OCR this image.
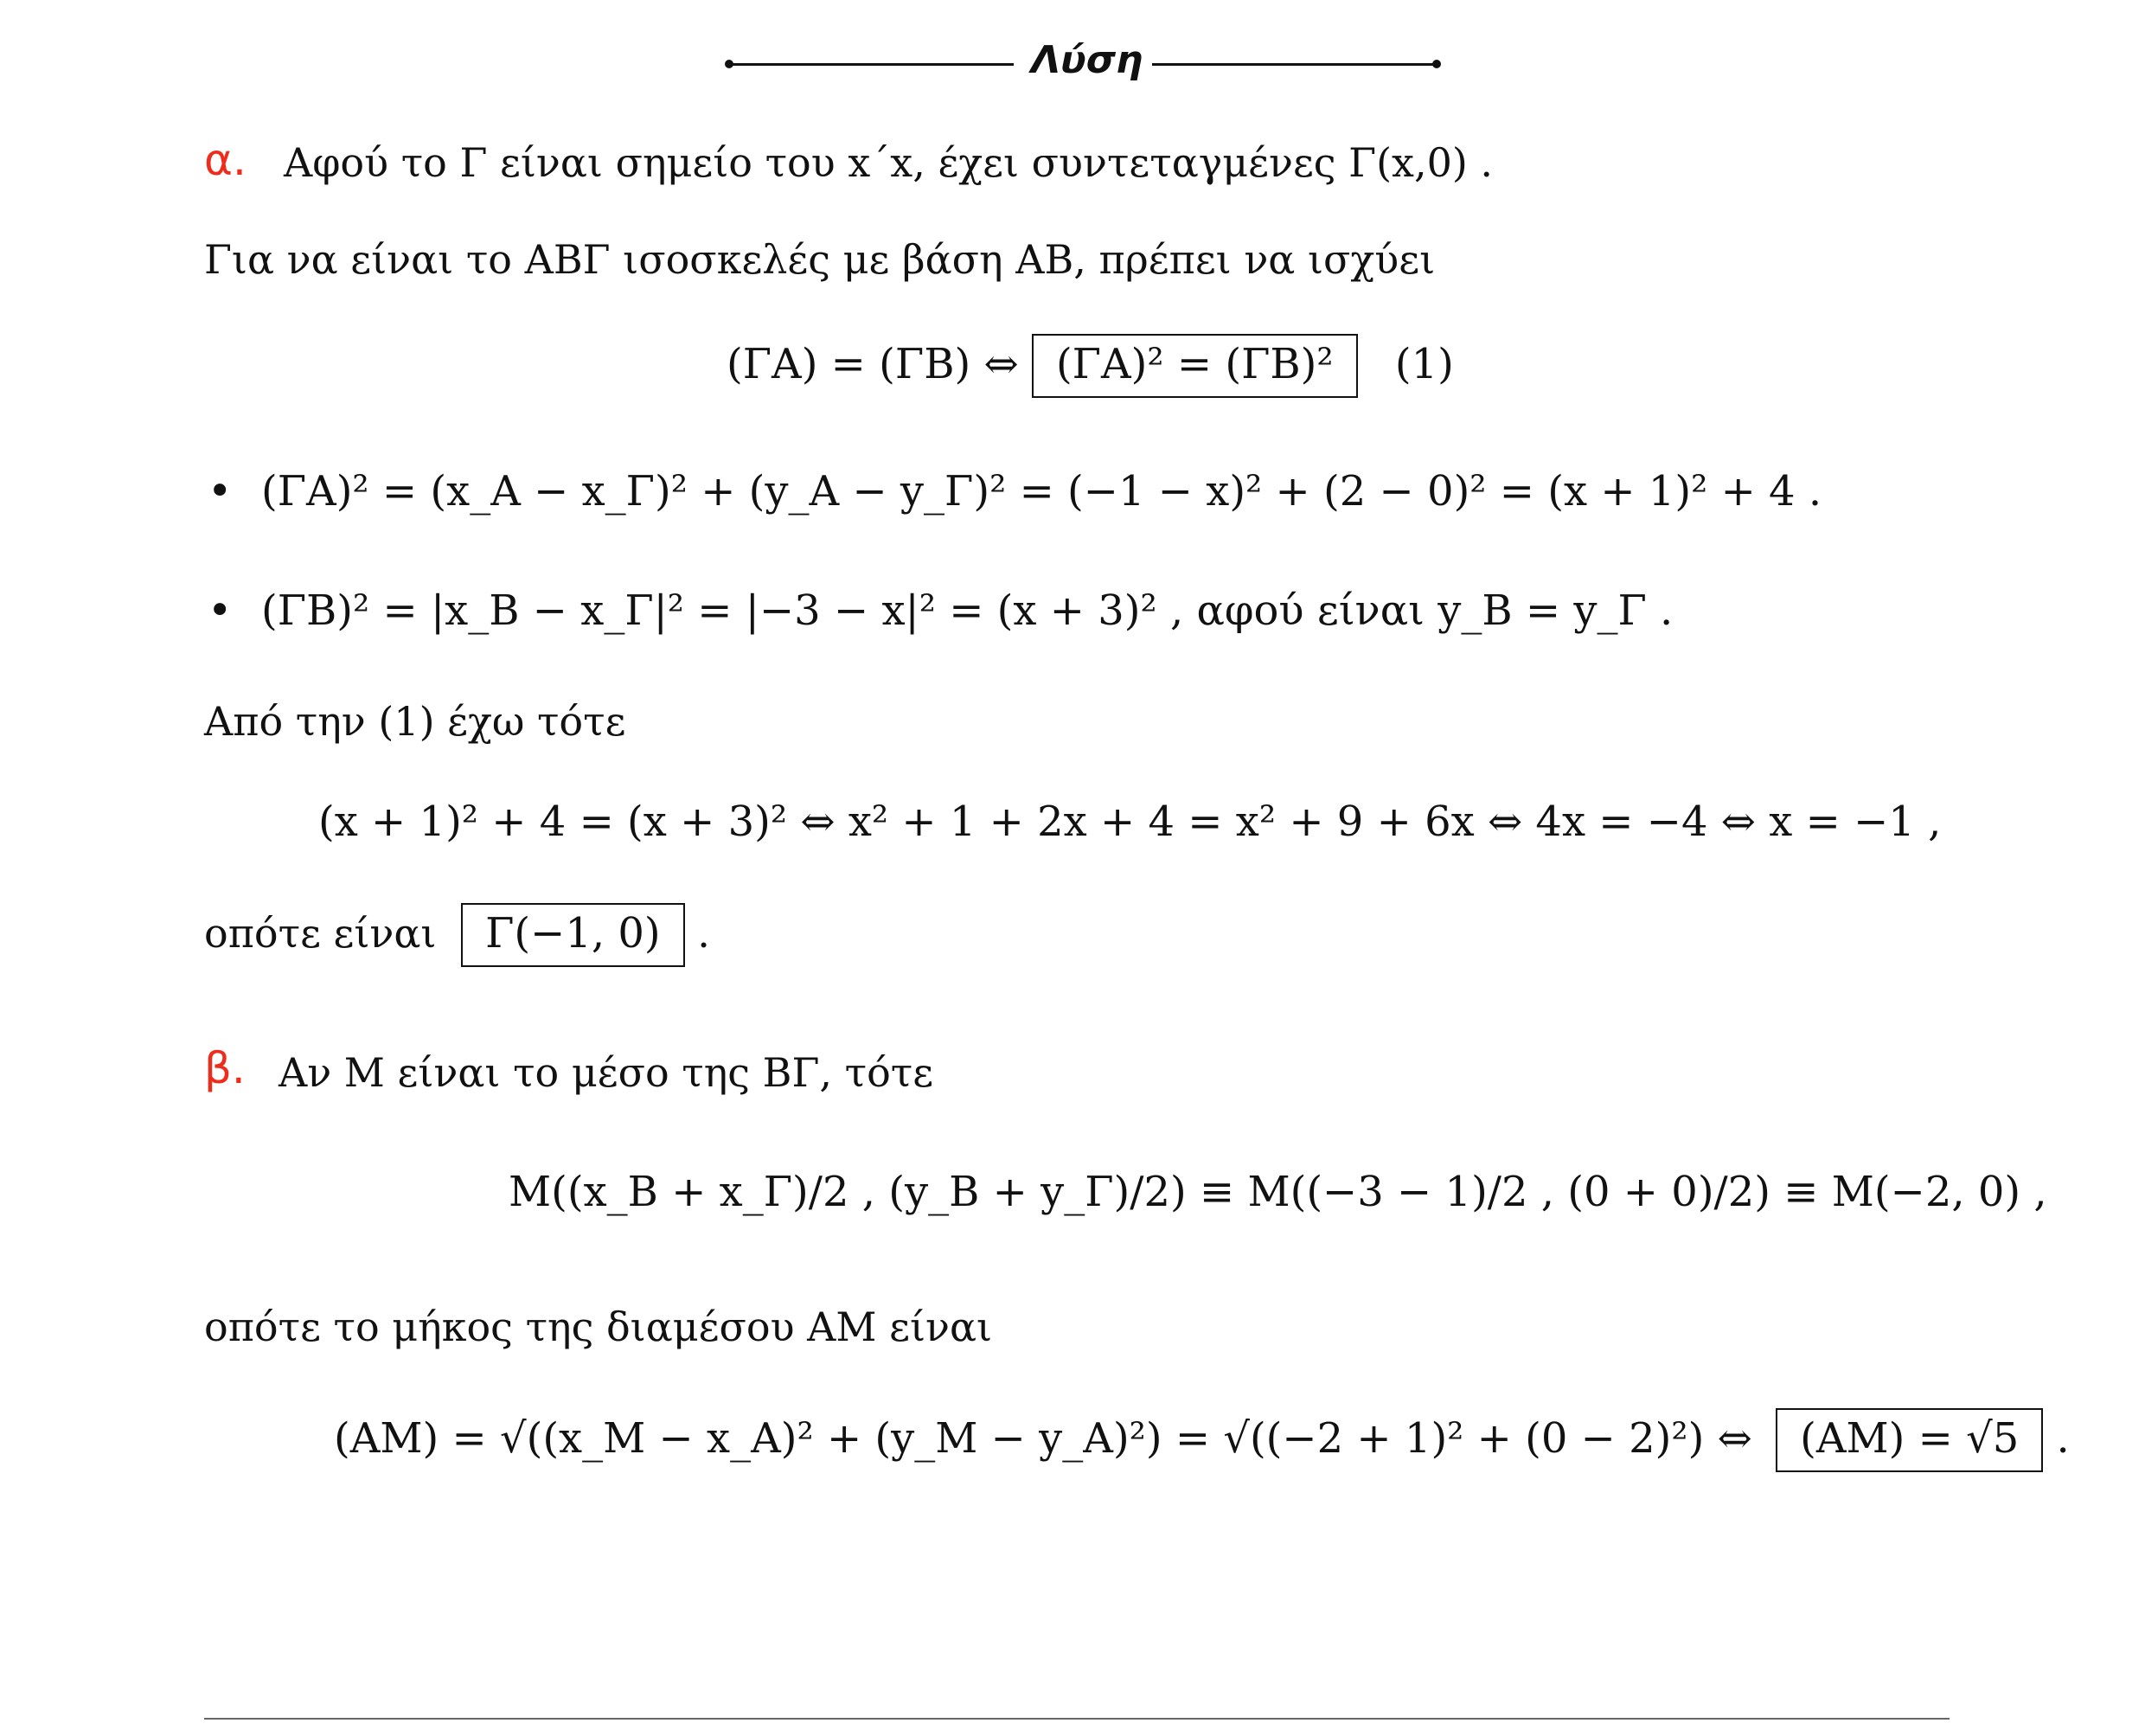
Λύση
α. Αφού το Γ είναι σημείο του x΄x, έχει συντεταγμένες Γ(x,0) .
Για να είναι το ΑΒΓ ισοσκελές με βάση ΑΒ, πρέπει να ισχύει
(ΓΑ) = (ΓΒ) ⇔ (ΓΑ)² = (ΓΒ)² (1)
• (ΓΑ)² = (x_Α − x_Γ)² + (y_Α − y_Γ)² = (−1 − x)² + (2 − 0)² = (x + 1)² + 4 .
• (ΓΒ)² = |x_Β − x_Γ|² = |−3 − x|² = (x + 3)² , αφού είναι y_Β = y_Γ .
Από την (1) έχω τότε
(x + 1)² + 4 = (x + 3)² ⇔ x² + 1 + 2x + 4 = x² + 9 + 6x ⇔ 4x = −4 ⇔ x = −1 ,
οπότε είναι Γ(−1, 0) .
β. Αν Μ είναι το μέσο της ΒΓ, τότε
M((x_Β + x_Γ)/2 , (y_Β + y_Γ)/2) ≡ M((−3 − 1)/2 , (0 + 0)/2) ≡ M(−2, 0) ,
οπότε το μήκος της διαμέσου ΑΜ είναι
(AM) = √((x_Μ − x_Α)² + (y_Μ − y_Α)²) = √((−2 + 1)² + (0 − 2)²) ⇔ (AM) = √5 .
